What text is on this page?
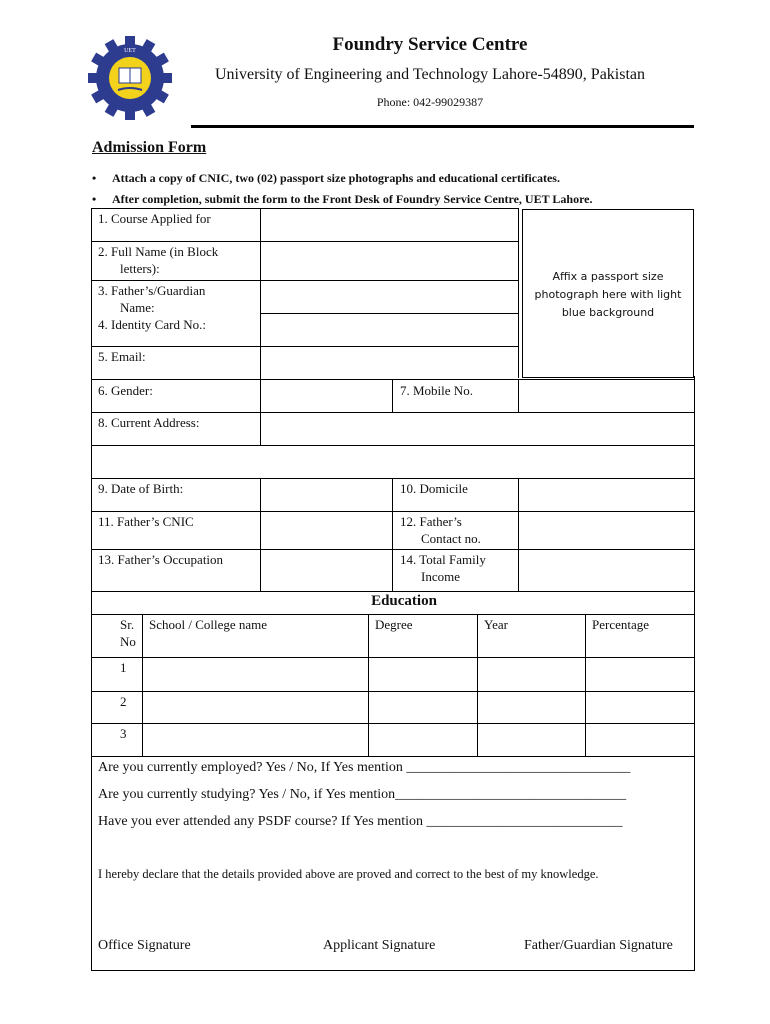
UET	Foundry Service Centre
University of Engineering and Technology Lahore-54890, Pakistan
Phone: 042-99029387
Admission Form
• Attach a copy of CNIC, two (02) passport size photographs and educational certificates.
• After completion, submit the form to the Front Desk of Foundry Service Centre, UET Lahore.
Affix a passport size
photograph here with light
blue background
1. Course Applied for
2. Full Name (in Block
letters):
3. Father’s/Guardian
Name:
4. Identity Card No.:
5. Email:
6. Gender:	7. Mobile No.
8. Current Address:
9. Date of Birth:	10. Domicile
11. Father’s CNIC	12. Father’s
Contact no.
13. Father’s Occupation	14. Total Family
Income
Education
Sr.
No
School / College name	Degree	Year	Percentage
1
2
3
Are you currently employed? Yes / No, If Yes mention ________________________________
Are you currently studying? Yes / No, if Yes mention_________________________________
Have you ever attended any PSDF course? If Yes mention ____________________________
I hereby declare that the details provided above are proved and correct to the best of my knowledge.
Office Signature	Applicant Signature	Father/Guardian Signature
